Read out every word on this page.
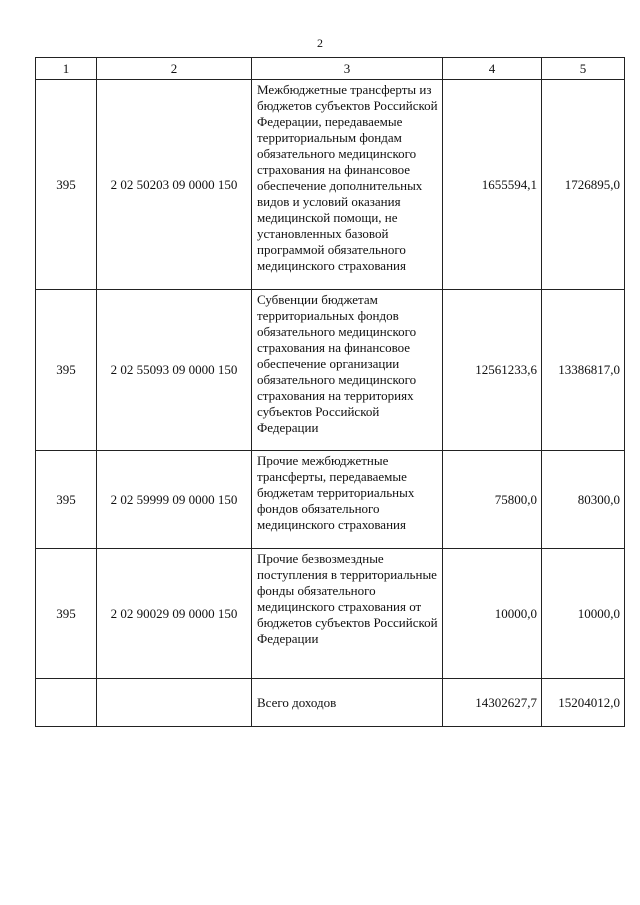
2
1	2	3	4	5
395	2 02 50203 09 0000 150	Межбюджетные трансферты из бюджетов субъектов Российской Федерации, передаваемые территориальным фондам обязательного медицинского страхования на финансовое обеспечение дополнительных видов и условий оказания медицинской помощи, не установленных базовой программой обязательного медицинского страхования	1655594,1	1726895,0
395	2 02 55093 09 0000 150	Субвенции бюджетам территориальных фондов обязательного медицинского страхования на финансовое обеспечение организации обязательного медицинского страхования на территориях субъектов Российской Федерации	12561233,6	13386817,0
395	2 02 59999 09 0000 150	Прочие межбюджетные трансферты, передаваемые бюджетам территориальных фондов обязательного медицинского страхования	75800,0	80300,0
395	2 02 90029 09 0000 150	Прочие безвозмездные поступления в территориальные фонды обязательного медицинского страхования от бюджетов субъектов Российской Федерации	10000,0	10000,0
		Всего доходов	14302627,7	15204012,0
